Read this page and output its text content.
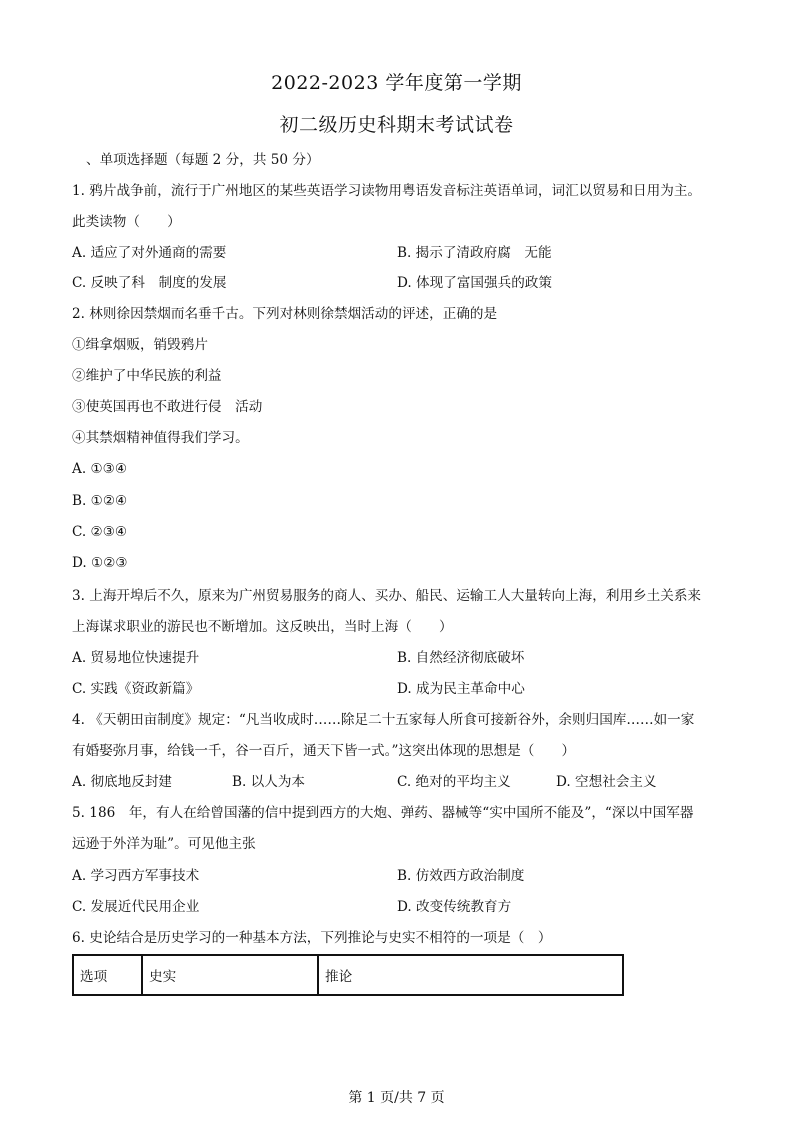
2022-2023 学年度第一学期
初二级历史科期末考试试卷
、单项选择题（每题 2 分，共 50 分）
1. 鸦片战争前，流行于广州地区的某些英语学习读物用粤语发音标注英语单词，词汇以贸易和日用为主。
此类读物（　　）
A. 适应了对外通商的需要	B. 揭示了清政府腐　无能
C. 反映了科　制度的发展	D. 体现了富国强兵的政策
2. 林则徐因禁烟而名垂千古。下列对林则徐禁烟活动的评述，正确的是
①缉拿烟贩，销毁鸦片
②维护了中华民族的利益
③使英国再也不敢进行侵　活动
④其禁烟精神值得我们学习。
A. ①③④
B. ①②④
C. ②③④
D. ①②③
3. 上海开埠后不久，原来为广州贸易服务的商人、买办、船民、运输工人大量转向上海，利用乡土关系来
上海谋求职业的游民也不断增加。这反映出，当时上海（　　）
A. 贸易地位快速提升	B. 自然经济彻底破坏
C. 实践《资政新篇》	D. 成为民主革命中心
4. 《天朝田亩制度》规定：“凡当收成时……除足二十五家每人所食可接新谷外，余则归国库……如一家
有婚娶弥月事，给钱一千，谷一百斤，通天下皆一式。”这突出体现的思想是（　　）
A. 彻底地反封建	B. 以人为本	C. 绝对的平均主义	D. 空想社会主义
5. 186　年，有人在给曾国藩的信中提到西方的大炮、弹药、器械等“实中国所不能及”，“深以中国军器
远逊于外洋为耻”。可见他主张
A. 学习西方军事技术	B. 仿效西方政治制度
C. 发展近代民用企业	D. 改变传统教育方
6. 史论结合是历史学习的一种基本方法，下列推论与史实不相符的一项是（　）
选项	史实	推论
第 1 页/共 7 页
